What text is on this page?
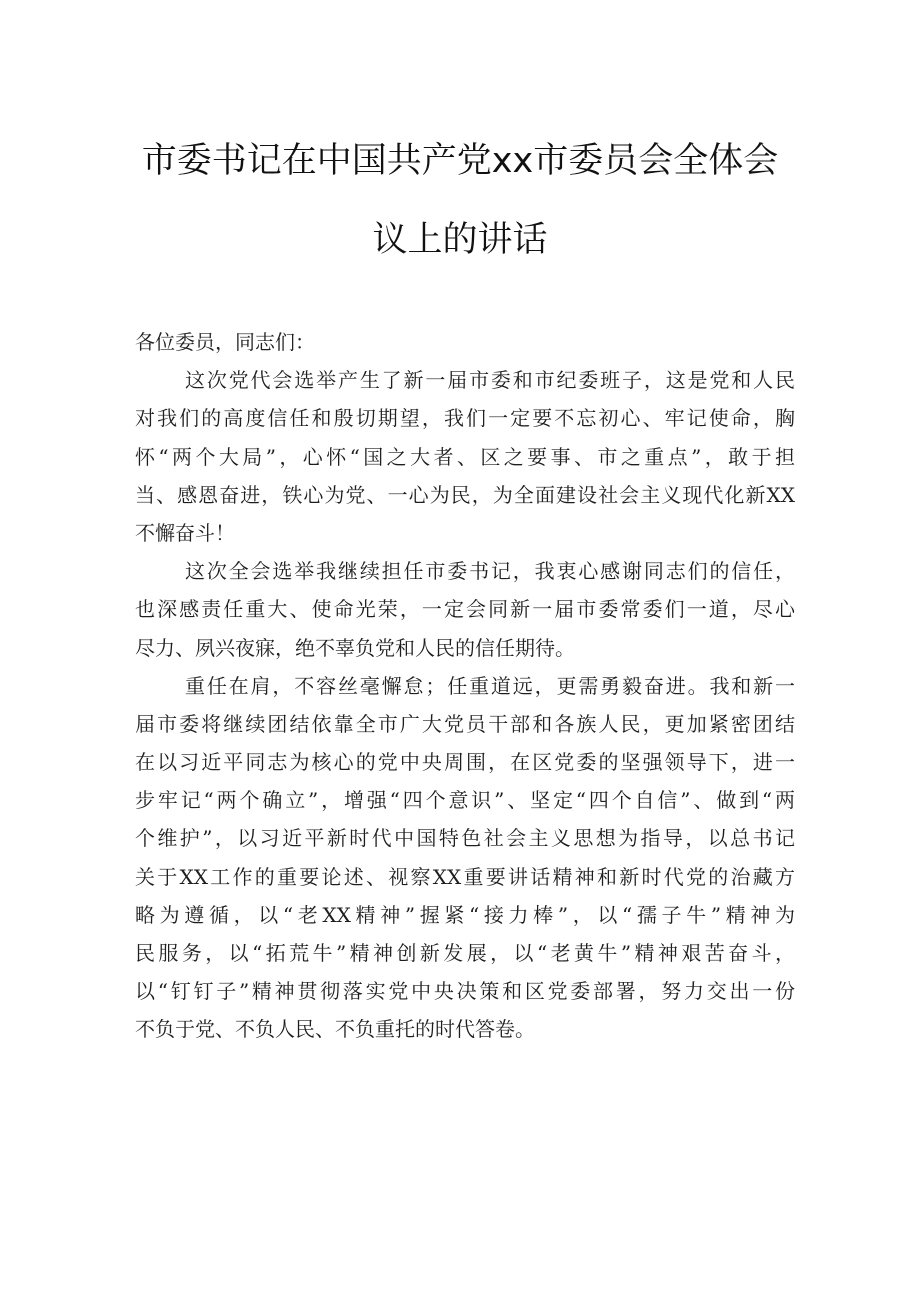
市委书记在中国共产党xx市委员会全体会
议上的讲话
各位委员，同志们：
这次党代会选举产生了新一届市委和市纪委班子，这是党和人民
对我们的高度信任和殷切期望，我们一定要不忘初心、牢记使命，胸
怀“两个大局”，心怀“国之大者、区之要事、市之重点”，敢于担
当、感恩奋进，铁心为党、一心为民，为全面建设社会主义现代化新XX
不懈奋斗！
这次全会选举我继续担任市委书记，我衷心感谢同志们的信任，
也深感责任重大、使命光荣，一定会同新一届市委常委们一道，尽心
尽力、夙兴夜寐，绝不辜负党和人民的信任期待。
重任在肩，不容丝毫懈怠；任重道远，更需勇毅奋进。我和新一
届市委将继续团结依靠全市广大党员干部和各族人民，更加紧密团结
在以习近平同志为核心的党中央周围，在区党委的坚强领导下，进一
步牢记“两个确立”，增强“四个意识”、坚定“四个自信”、做到“两
个维护”，以习近平新时代中国特色社会主义思想为指导，以总书记
关于XX工作的重要论述、视察XX重要讲话精神和新时代党的治藏方
略为遵循，以“老XX精神”握紧“接力棒”，以“孺子牛”精神为
民服务，以“拓荒牛”精神创新发展，以“老黄牛”精神艰苦奋斗，
以“钉钉子”精神贯彻落实党中央决策和区党委部署，努力交出一份
不负于党、不负人民、不负重托的时代答卷。
